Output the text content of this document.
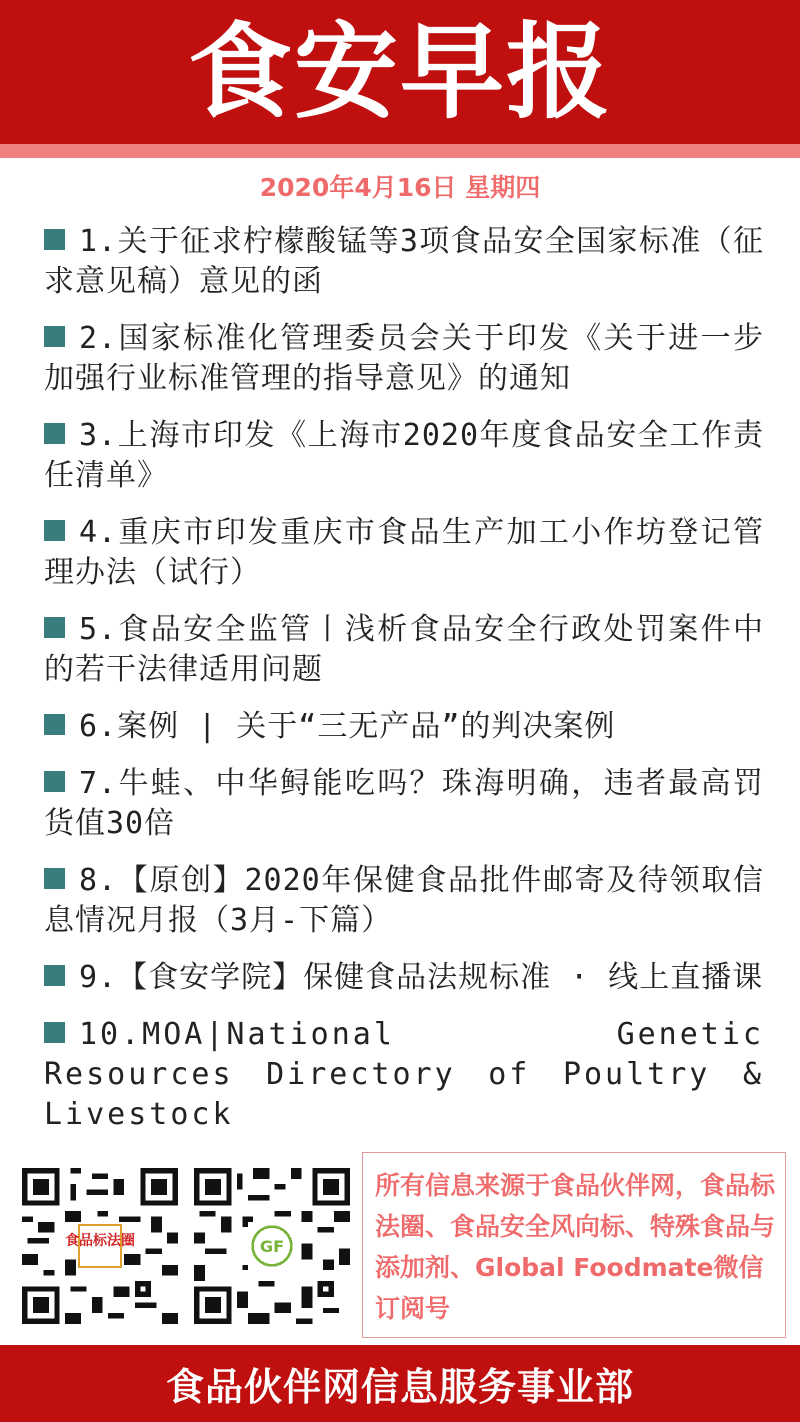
食安早报
2020年4月16日 星期四
1.关于征求柠檬酸锰等3项食品安全国家标准（征求意见稿）意见的函
2.国家标准化管理委员会关于印发《关于进一步加强行业标准管理的指导意见》的通知
3.上海市印发《上海市2020年度食品安全工作责任清单》
4.重庆市印发重庆市食品生产加工小作坊登记管理办法（试行）
5.食品安全监管丨浅析食品安全行政处罚案件中的若干法律适用问题
6.案例 | 关于“三无产品”的判决案例
7.牛蛙、中华鲟能吃吗？珠海明确，违者最高罚货值30倍
8.【原创】2020年保健食品批件邮寄及待领取信息情况月报（3月-下篇）
9.【食安学院】保健食品法规标准 · 线上直播课
10.MOA|National Genetic Resources Directory of Poultry & Livestock
食品标法圈	GF
所有信息来源于食品伙伴网，食品标法圈、食品安全风向标、特殊食品与添加剂、Global Foodmate微信订阅号
食品伙伴网信息服务事业部
